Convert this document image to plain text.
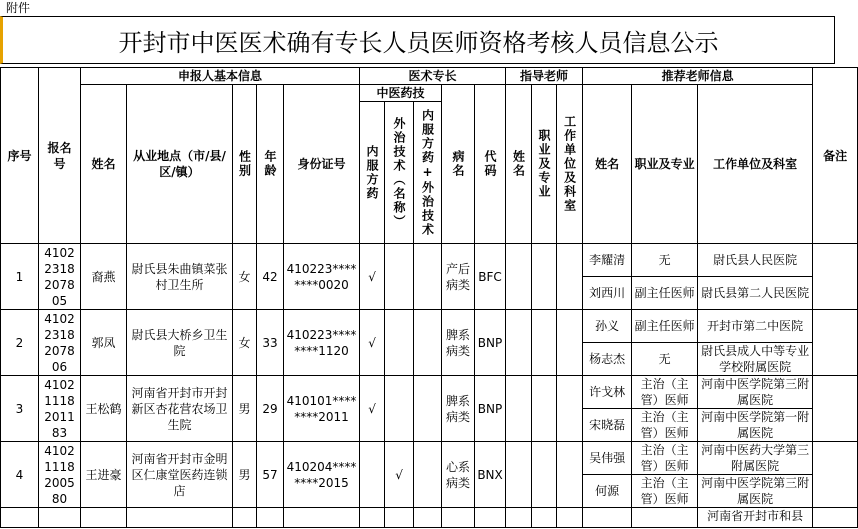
附件
开封市中医医术确有专长人员医师资格考核人员信息公示
序号	报名号	申报人基本信息					医术专长					指导老师			推荐老师信息			备注

		姓名	从业地点（市/县/区/镇）	性别	年龄	身份证号	中医药技			病名	代码	姓名	职业及专业	工作单位及科室	姓名	职业及专业	工作单位及科室	

							内服方药	外治技术（名称）	内服方药+外治技术									

1	41022318207805	裔燕	尉氏县朱曲镇菜张村卫生所	女	42	410223********0020	√			产后病类	BFC				李耀清	无	尉氏县人民医院	

															刘西川	副主任医师	尉氏县第二人民医院	

2	41022318207806	郭凤	尉氏县大桥乡卫生院	女	33	410223********1120	√			脾系病类	BNP				孙义	副主任医师	开封市第二中医院	

															杨志杰	无	尉氏县成人中等专业学校附属医院	

3	41021118201183	王松鹤	河南省开封市开封新区杏花营农场卫生院	男	29	410101********2011	√			脾系病类	BNP				许戈林	主治（主管）医师	河南中医学院第三附属医院	

															宋晓磊	主治（主管）医师	河南中医学院第一附属医院	

4	41021118200580	王进豪	河南省开封市金明区仁康堂医药连锁店	男	57	410204********2015		√		心系病类	BNX				吴伟强	主治（主管）医师	河南中医药大学第三附属医院	

															何源	主治（主管）医师	河南中医学院第三附属医院	

																	河南省开封市和县	
